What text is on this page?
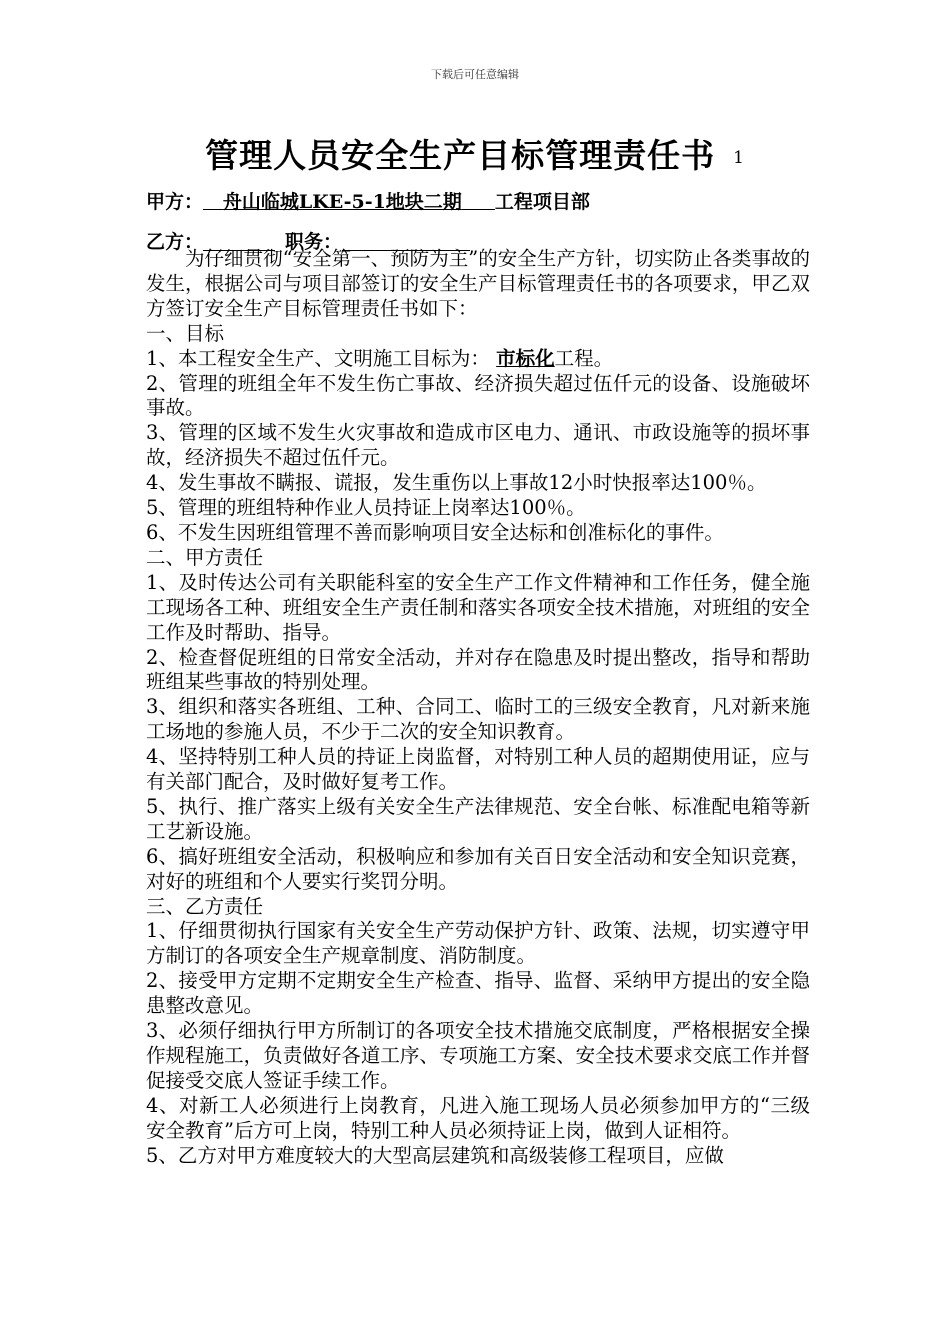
下载后可任意编辑
管理人员安全生产目标管理责任书 1
甲方： 舟山临城LKE-5-1地块二期 工程项目部
乙方：	职务：

为仔细贯彻“安全第一、预防为主”的安全生产方针，切实防止各类事故的发生，根据公司与项目部签订的安全生产目标管理责任书的各项要求，甲乙双方签订安全生产目标管理责任书如下：

一、目标

1、本工程安全生产、文明施工目标为： 市标化工程。

2、管理的班组全年不发生伤亡事故、经济损失超过伍仟元的设备、设施破坏事故。

3、管理的区域不发生火灾事故和造成市区电力、通讯、市政设施等的损坏事故，经济损失不超过伍仟元。

4、发生事故不瞒报、谎报，发生重伤以上事故12小时快报率达100％。

5、管理的班组特种作业人员持证上岗率达100％。

6、不发生因班组管理不善而影响项目安全达标和创准标化的事件。

二、甲方责任

1、及时传达公司有关职能科室的安全生产工作文件精神和工作任务，健全施工现场各工种、班组安全生产责任制和落实各项安全技术措施，对班组的安全工作及时帮助、指导。

2、检查督促班组的日常安全活动，并对存在隐患及时提出整改，指导和帮助班组某些事故的特别处理。

3、组织和落实各班组、工种、合同工、临时工的三级安全教育，凡对新来施工场地的参施人员，不少于二次的安全知识教育。

4、坚持特别工种人员的持证上岗监督，对特别工种人员的超期使用证，应与有关部门配合，及时做好复考工作。

5、执行、推广落实上级有关安全生产法律规范、安全台帐、标准配电箱等新工艺新设施。

6、搞好班组安全活动，积极响应和参加有关百日安全活动和安全知识竞赛，对好的班组和个人要实行奖罚分明。

三、乙方责任

1、仔细贯彻执行国家有关安全生产劳动保护方针、政策、法规，切实遵守甲方制订的各项安全生产规章制度、消防制度。

2、接受甲方定期不定期安全生产检查、指导、监督、采纳甲方提出的安全隐患整改意见。

3、必须仔细执行甲方所制订的各项安全技术措施交底制度，严格根据安全操作规程施工，负责做好各道工序、专项施工方案、安全技术要求交底工作并督促接受交底人签证手续工作。

4、对新工人必须进行上岗教育，凡进入施工现场人员必须参加甲方的“三级安全教育”后方可上岗，特别工种人员必须持证上岗，做到人证相符。

5、乙方对甲方难度较大的大型高层建筑和高级装修工程项目，应做
